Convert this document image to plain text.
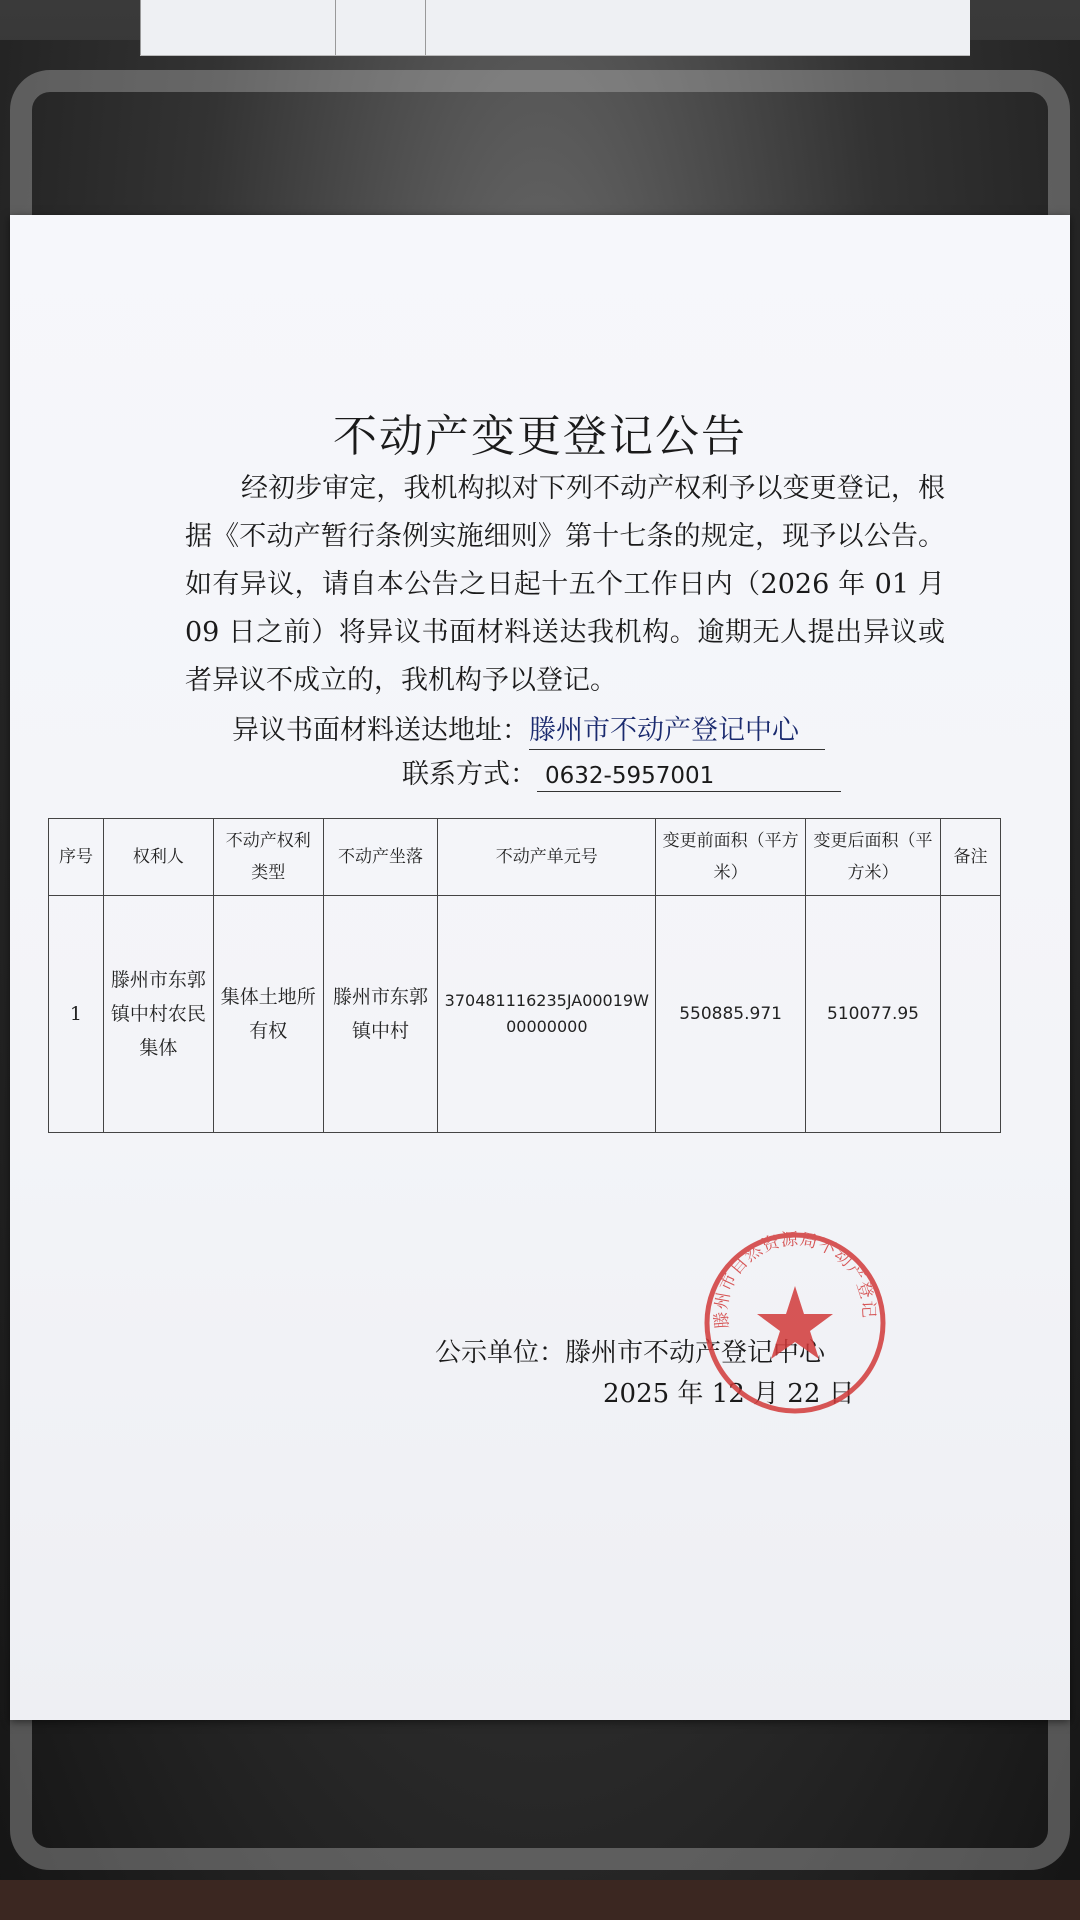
不动产变更登记公告

经初步审定，我机构拟对下列不动产权利予以变更登记，根据《不动产暂行条例实施细则》第十七条的规定，现予以公告。如有异议，请自本公告之日起十五个工作日内（2026 年 01 月 09 日之前）将异议书面材料送达我机构。逾期无人提出异议或者异议不成立的，我机构予以登记。

异议书面材料送达地址：滕州市不动产登记中心
联系方式： 0632-5957001
序号	权利人	不动产权利类型	不动产坐落	不动产单元号	变更前面积（平方米）	变更后面积（平方米）	备注
1	滕州市东郭镇中村农民集体	集体土地所有权	滕州市东郭镇中村	370481116235JA00019W00000000	550885.971	510077.95	
公示单位：滕州市不动产登记中心
2025 年 12 月 22 日
滕州市自然资源局不动产登记
